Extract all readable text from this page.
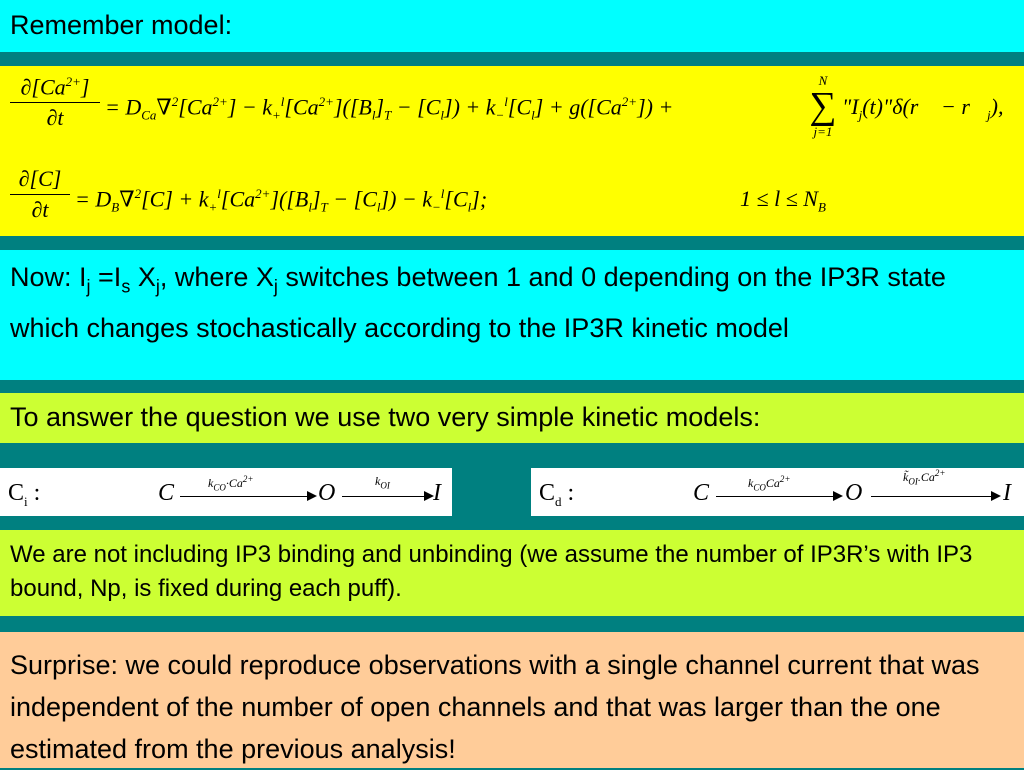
Remember model:
$\partial[Ca^{2+}]$
∂t	= $D_{Ca}\nabla^2[Ca^{2+}] - k_+^l[Ca^{2+}]([B_l]_T - [C_l]) + k_-^l[C_l] + g([Ca^{2+}])$ +
N
∑
j=1
"$I_j(t)"\delta(r⃗$ − $r⃗_j$),
∂[C]
∂t	= $D_B\nabla^2[C] + k_+^l[Ca^{2+}]([B_l]_T - [C_l]) - k_-^l[C_l]$;	$1 \le l \le N_B$
Now: $I_j =I_s$ $X_j$, where $X_j$ switches between 1 and 0 depending on the IP3R state which changes stochastically according to the IP3R kinetic model
To answer the question we use two very simple kinetic models:
$C_i$ :	C	$k_{CO}\cdot Ca^{2+}$
O	$k_{OI}$ I	$C_d$ :	C	$k_{CO}Ca^{2+}$
O
$k̃_{OI}.Ca^{2+}$
I
We are not including IP3 binding and unbinding (we assume the number of IP3R’s with IP3 bound, Np, is fixed during each puff).
Surprise: we could reproduce observations with a single channel current that was independent of the number of open channels and that was larger than the one estimated from the previous analysis!
